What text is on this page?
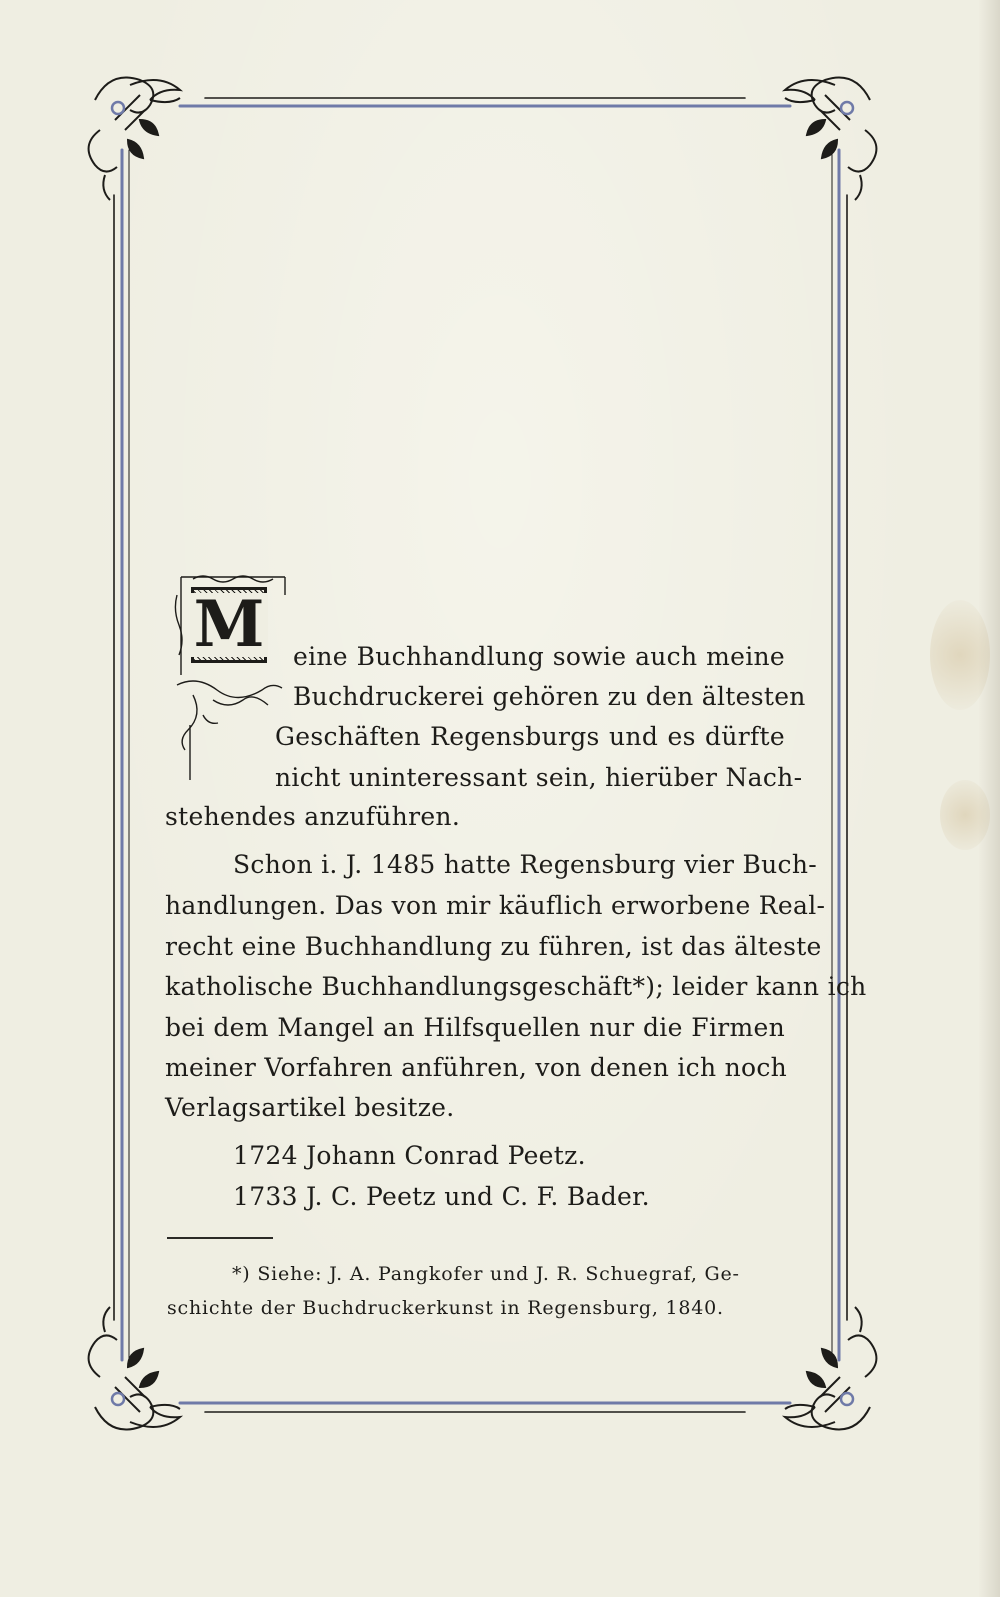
M eine Buchhandlung sowie auch meine
Buchdruckerei gehören zu den ältesten
Geschäften Regensburgs und es dürfte
nicht uninteressant sein, hierüber Nach-
stehendes anzuführen.
Schon i. J. 1485 hatte Regensburg vier Buch-
handlungen. Das von mir käuflich erworbene Real-
recht eine Buchhandlung zu führen, ist das älteste
katholische Buchhandlungsgeschäft*); leider kann ich
bei dem Mangel an Hilfsquellen nur die Firmen
meiner Vorfahren anführen, von denen ich noch
Verlagsartikel besitze.
1724 Johann Conrad Peetz.
1733 J. C. Peetz und C. F. Bader.
*) Siehe: J. A. Pangkofer und J. R. Schuegraf, Ge-
schichte der Buchdruckerkunst in Regensburg, 1840.
